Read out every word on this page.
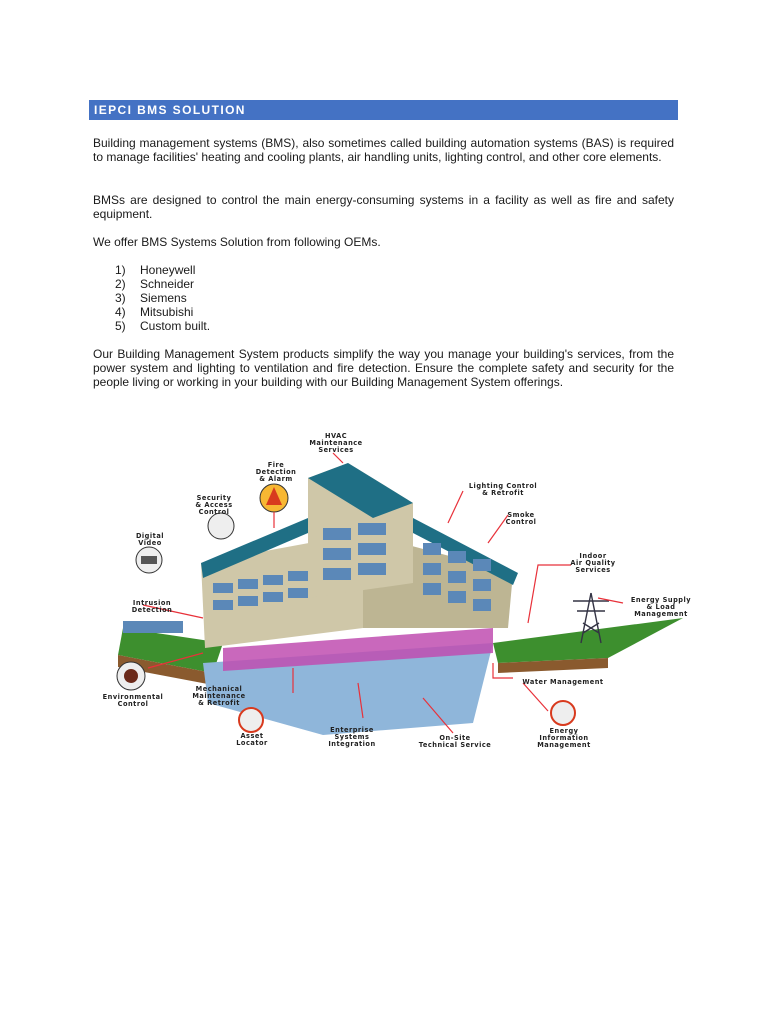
IEPCI BMS SOLUTION

Building management systems (BMS), also sometimes called building automation systems (BAS) is required to manage facilities' heating and cooling plants, air handling units, lighting control, and other core elements.

BMSs are designed to control the main energy-consuming systems in a facility as well as fire and safety equipment.

We offer BMS Systems Solution from following OEMs.

1)	Honeywell
2)	Schneider
3)	Siemens
4)	Mitsubishi
5)	Custom built.

Our Building Management System products simplify the way you manage your building's services, from the power system and lighting to ventilation and fire detection. Ensure the complete safety and security for the people living or working in your building with our Building Management System offerings.

HVAC Maintenance Services
Fire Detection & Alarm
Security & Access Control
Digital Video
Intrusion Detection
Environmental Control
Mechanical Maintenance & Retrofit
Asset Locator
Enterprise Systems Integration
On-Site Technical Service
Energy Information Management
Water Management
Energy Supply & Load Management
Indoor Air Quality Services
Smoke Control
Lighting Control & Retrofit
